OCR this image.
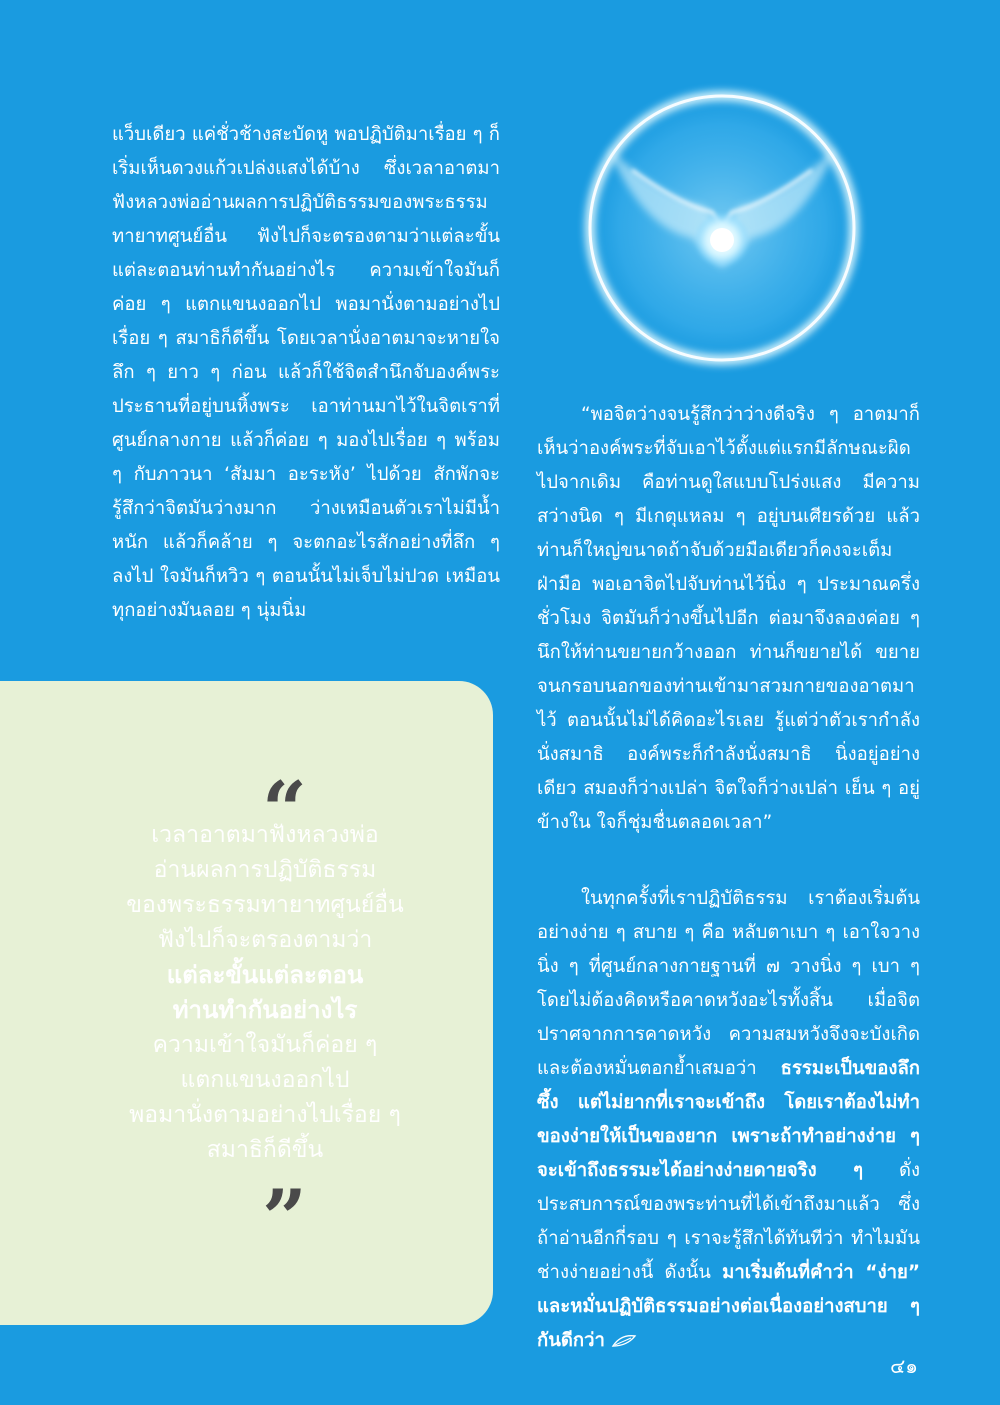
แว็บเดียว แค่ชั่วช้างสะบัดหู พอปฏิบัติมาเรื่อย ๆ ก็เริ่มเห็นดวงแก้วเปล่งแสงได้บ้าง ซึ่งเวลาอาตมาฟังหลวงพ่ออ่านผลการปฏิบัติธรรมของพระธรรมทายาทศูนย์อื่น ฟังไปก็จะตรองตามว่าแต่ละขั้นแต่ละตอนท่านทำกันอย่างไร ความเข้าใจมันก็ค่อย ๆ แตกแขนงออกไป พอมานั่งตามอย่างไปเรื่อย ๆ สมาธิก็ดีขึ้น โดยเวลานั่งอาตมาจะหายใจลึก ๆ ยาว ๆ ก่อน แล้วก็ใช้จิตสำนึกจับองค์พระประธานที่อยู่บนหิ้งพระ เอาท่านมาไว้ในจิตเราที่ศูนย์กลางกาย แล้วก็ค่อย ๆ มองไปเรื่อย ๆ พร้อม ๆ กับภาวนา ‘สัมมา อะระหัง’ ไปด้วย สักพักจะรู้สึกว่าจิตมันว่างมาก ว่างเหมือนตัวเราไม่มีน้ำหนัก แล้วก็คล้าย ๆ จะตกอะไรสักอย่างที่ลึก ๆ ลงไป ใจมันก็หวิว ๆ ตอนนั้นไม่เจ็บไม่ปวด เหมือนทุกอย่างมันลอย ๆ นุ่มนิ่ม

“พอจิตว่างจนรู้สึกว่าว่างดีจริง ๆ อาตมาก็เห็นว่าองค์พระที่จับเอาไว้ตั้งแต่แรกมีลักษณะผิดไปจากเดิม คือท่านดูใสแบบโปร่งแสง มีความสว่างนิด ๆ มีเกตุแหลม ๆ อยู่บนเศียรด้วย แล้วท่านก็ใหญ่ขนาดถ้าจับด้วยมือเดียวก็คงจะเต็มฝ่ามือ พอเอาจิตไปจับท่านไว้นิ่ง ๆ ประมาณครึ่งชั่วโมง จิตมันก็ว่างขึ้นไปอีก ต่อมาจึงลองค่อย ๆ นึกให้ท่านขยายกว้างออก ท่านก็ขยายได้ ขยายจนกรอบนอกของท่านเข้ามาสวมกายของอาตมาไว้ ตอนนั้นไม่ได้คิดอะไรเลย รู้แต่ว่าตัวเรากำลังนั่งสมาธิ องค์พระก็กำลังนั่งสมาธิ นิ่งอยู่อย่างเดียว สมองก็ว่างเปล่า จิตใจก็ว่างเปล่า เย็น ๆ อยู่ข้างใน ใจก็ชุ่มชื่นตลอดเวลา”

ในทุกครั้งที่เราปฏิบัติธรรม เราต้องเริ่มต้นอย่างง่าย ๆ สบาย ๆ คือ หลับตาเบา ๆ เอาใจวางนิ่ง ๆ ที่ศูนย์กลางกายฐานที่ ๗ วางนิ่ง ๆ เบา ๆ โดยไม่ต้องคิดหรือคาดหวังอะไรทั้งสิ้น เมื่อจิตปราศจากการคาดหวัง ความสมหวังจึงจะบังเกิด และต้องหมั่นตอกย้ำเสมอว่า ธรรมะเป็นของลึกซึ้ง แต่ไม่ยากที่เราจะเข้าถึง โดยเราต้องไม่ทำของง่ายให้เป็นของยาก เพราะถ้าทำอย่างง่าย ๆ จะเข้าถึงธรรมะได้อย่างง่ายดายจริง ๆ ดั่งประสบการณ์ของพระท่านที่ได้เข้าถึงมาแล้ว ซึ่งถ้าอ่านอีกกี่รอบ ๆ เราจะรู้สึกได้ทันทีว่า ทำไมมันช่างง่ายอย่างนี้ ดังนั้น มาเริ่มต้นที่คำว่า “ง่าย” และหมั่นปฏิบัติธรรมอย่างต่อเนื่องอย่างสบาย ๆ กันดีกว่า

“
เวลาอาตมาฟังหลวงพ่อ
อ่านผลการปฏิบัติธรรม
ของพระธรรมทายาทศูนย์อื่น
ฟังไปก็จะตรองตามว่า
แต่ละขั้นแต่ละตอน
ท่านทำกันอย่างไร
ความเข้าใจมันก็ค่อย ๆ
แตกแขนงออกไป
พอมานั่งตามอย่างไปเรื่อย ๆ
สมาธิก็ดีขึ้น
”
๔๑
